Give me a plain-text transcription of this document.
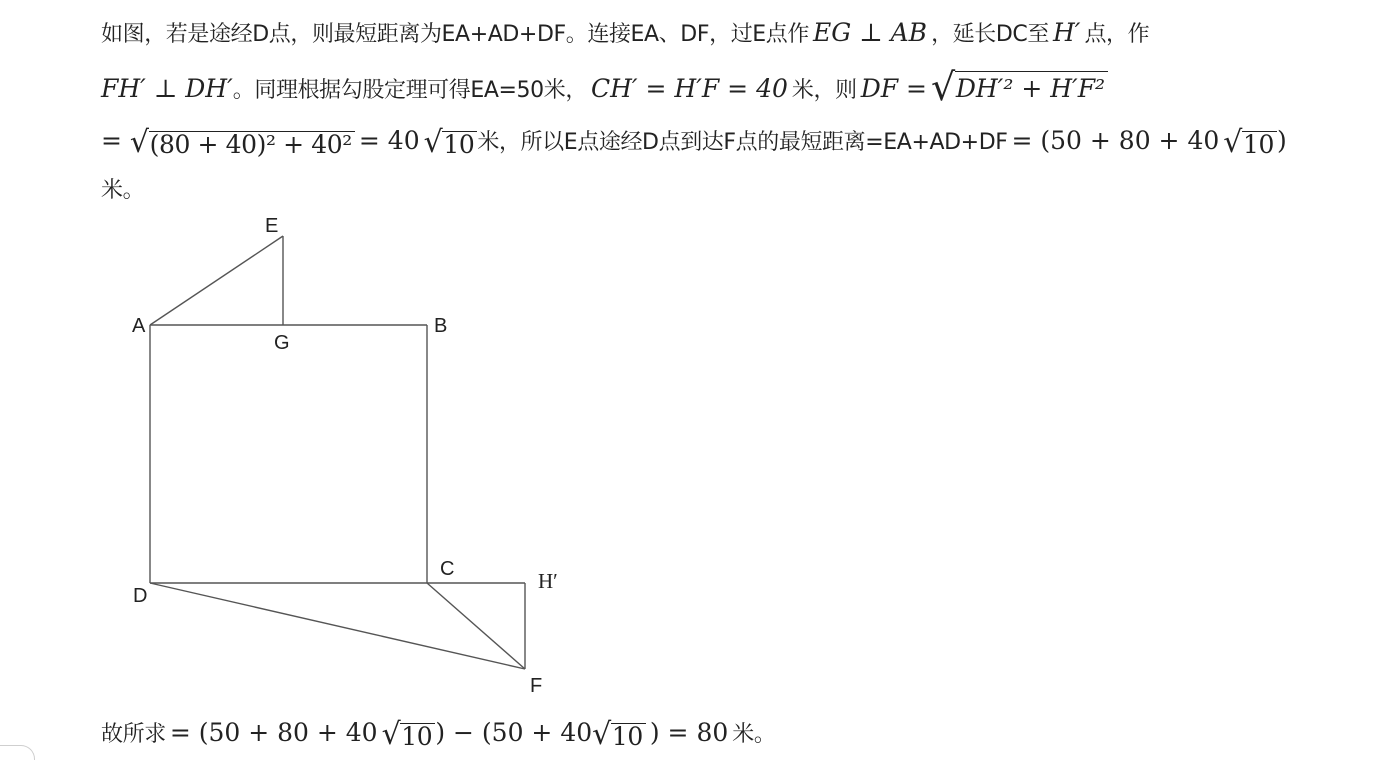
如图，若是途经D点，则最短距离为EA+AD+DF。连接EA、DF，过E点作 EG ⊥ AB ，延长DC至 H′ 点，作
FH′ ⊥ DH′。同理根据勾股定理可得EA=50米， CH′ = H′F = 40 米，则 DF = √DH′² + H′F²
= √(80 + 40)² + 40² = 40 √10 米，所以E点途经D点到达F点的最短距离=EA+AD+DF = (50 + 80 + 40 √10 )
米。
E
A	B
G
C
D
H′
F
故所求 = (50 + 80 + 40 √10 ) − (50 + 40√10 ) = 80 米。
